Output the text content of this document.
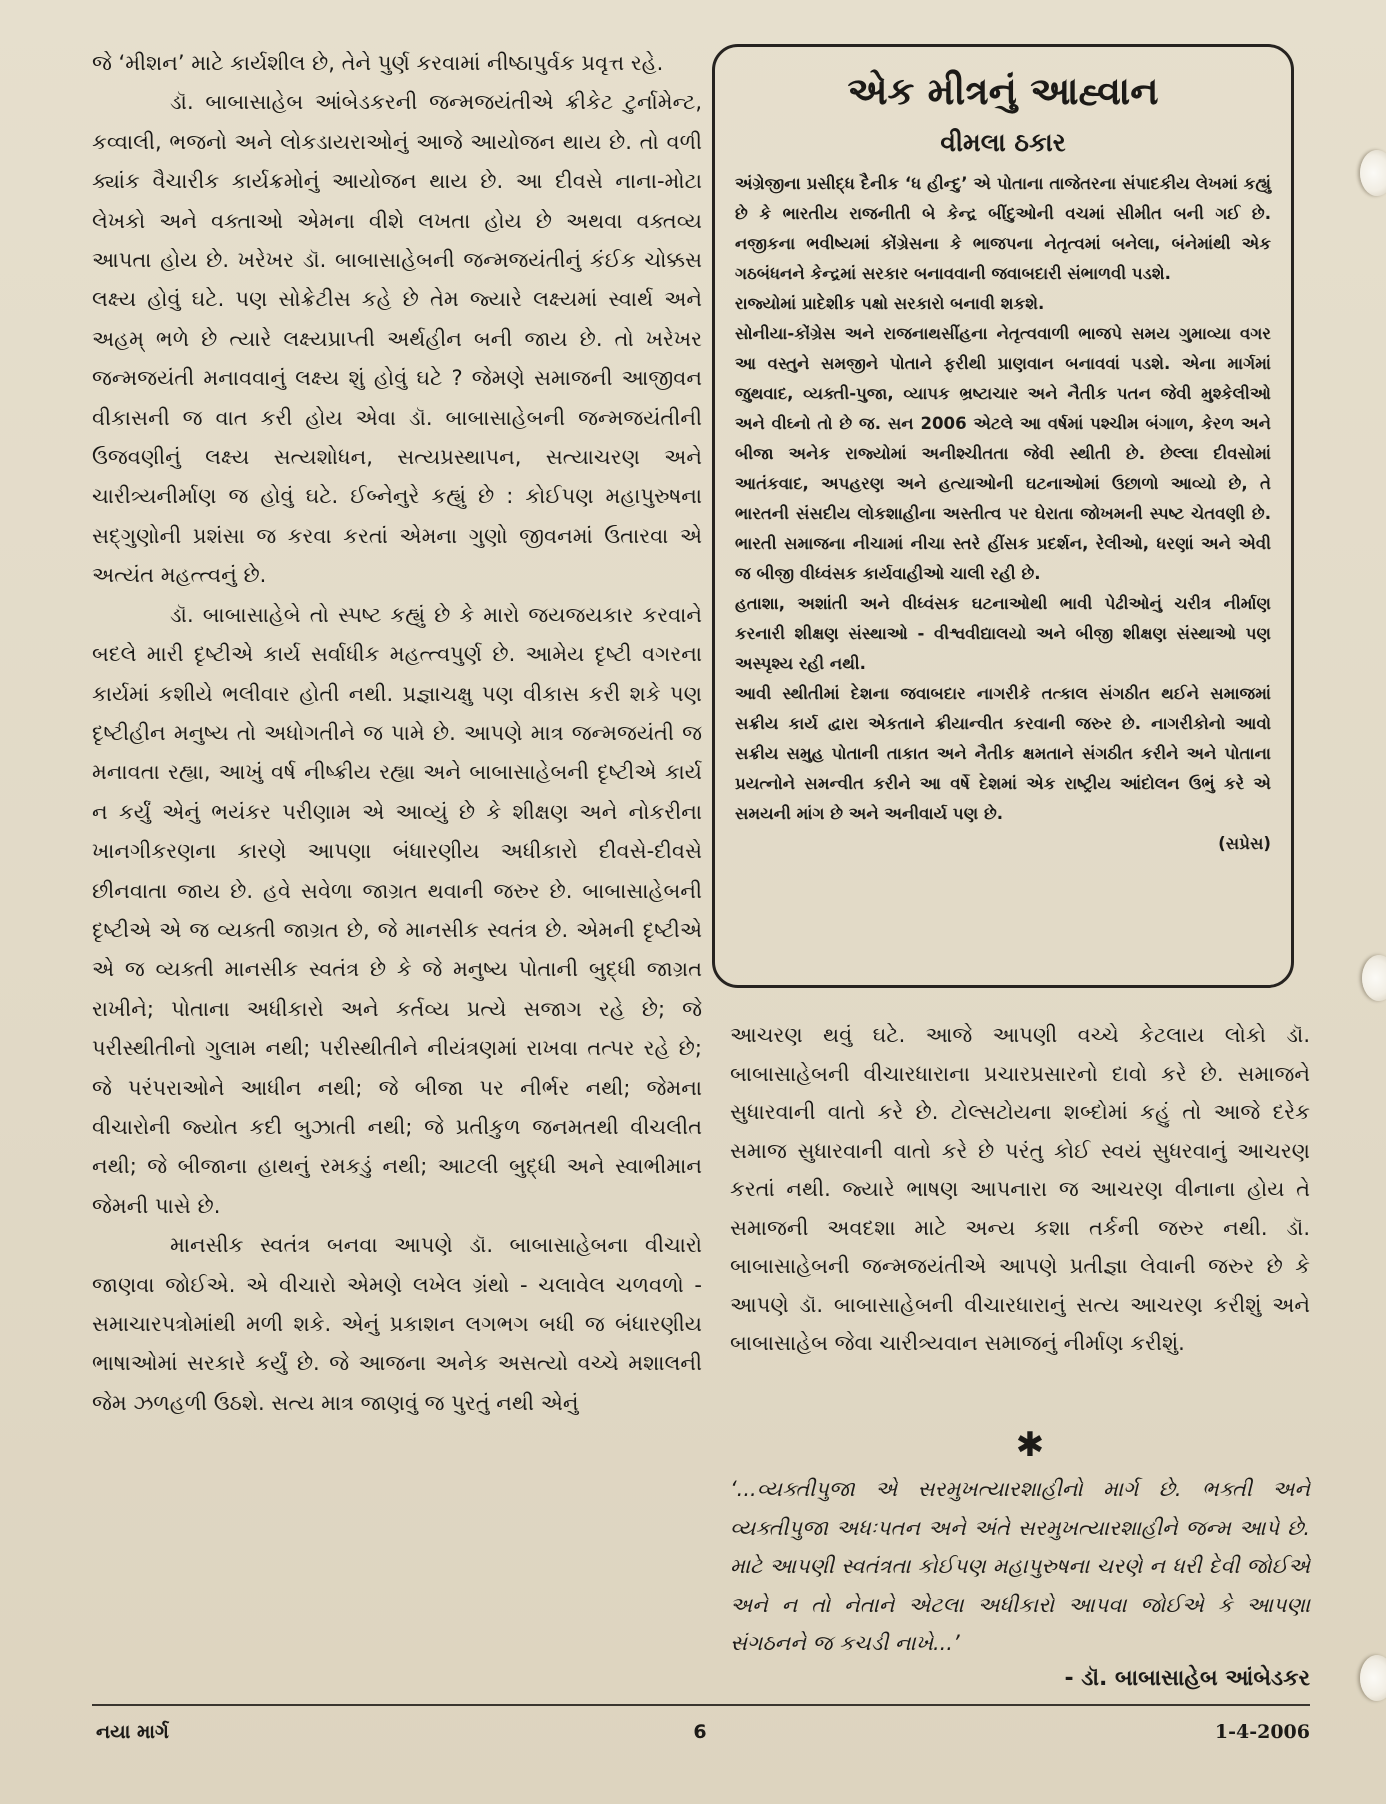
જે ‘મીશન’ માટે કાર્યશીલ છે, તેને પુર્ણ કરવામાં નીષ્ઠાપુર્વક પ્રવૃત્ત રહે.

ડૉ. બાબાસાહેબ આંબેડકરની જન્મજયંતીએ ક્રીકેટ ટુર્નામેન્ટ, કવ્વાલી, ભજનો અને લોકડાયરાઓનું આજે આયોજન થાય છે. તો વળી ક્યાંક વૈચારીક કાર્યક્રમોનું આયોજન થાય છે. આ દીવસે નાના-મોટા લેખકો અને વક્તાઓ એમના વીશે લખતા હોય છે અથવા વક્તવ્ય આપતા હોય છે. ખરેખર ડૉ. બાબાસાહેબની જન્મજયંતીનું કંઈક ચોક્કસ લક્ષ્ય હોવું ઘટે. પણ સોક્રેટીસ કહે છે તેમ જ્યારે લક્ષ્યમાં સ્વાર્થ અને અહમ્ ભળે છે ત્યારે લક્ષ્યપ્રાપ્તી અર્થહીન બની જાય છે. તો ખરેખર જન્મજયંતી મનાવવાનું લક્ષ્ય શું હોવું ઘટે ? જેમણે સમાજની આજીવન વીકાસની જ વાત કરી હોય એવા ડૉ. બાબાસાહેબની જન્મજયંતીની ઉજવણીનું લક્ષ્ય સત્યશોધન, સત્યપ્રસ્થાપન, સત્યાચરણ અને ચારીત્ર્યનીર્માણ જ હોવું ઘટે. ઈબ્નેનુરે કહ્યું છે : કોઈપણ મહાપુરુષના સદ્ગુણોની પ્રશંસા જ કરવા કરતાં એમના ગુણો જીવનમાં ઉતારવા એ અત્યંત મહત્ત્વનું છે.

ડૉ. બાબાસાહેબે તો સ્પષ્ટ કહ્યું છે કે મારો જયજયકાર કરવાને બદલે મારી દૃષ્ટીએ કાર્ય સર્વાધીક મહત્ત્વપુર્ણ છે. આમેય દૃષ્ટી વગરના કાર્યમાં કશીયે ભલીવાર હોતી નથી. પ્રજ્ઞાચક્ષુ પણ વીકાસ કરી શકે પણ દૃષ્ટીહીન મનુષ્ય તો અધોગતીને જ પામે છે. આપણે માત્ર જન્મજયંતી જ મનાવતા રહ્યા, આખું વર્ષ નીષ્ક્રીય રહ્યા અને બાબાસાહેબની દૃષ્ટીએ કાર્ય ન કર્યું એનું ભયંકર પરીણામ એ આવ્યું છે કે શીક્ષણ અને નોકરીના ખાનગીકરણના કારણે આપણા બંધારણીય અધીકારો દીવસે-દીવસે છીનવાતા જાય છે. હવે સવેળા જાગ્રત થવાની જરુર છે. બાબાસાહેબની દૃષ્ટીએ એ જ વ્યક્તી જાગ્રત છે, જે માનસીક સ્વતંત્ર છે. એમની દૃષ્ટીએ એ જ વ્યક્તી માનસીક સ્વતંત્ર છે કે જે મનુષ્ય પોતાની બુદ્ધી જાગ્રત રાખીને; પોતાના અધીકારો અને કર્તવ્ય પ્રત્યે સજાગ રહે છે; જે પરીસ્થીતીનો ગુલામ નથી; પરીસ્થીતીને નીયંત્રણમાં રાખવા તત્પર રહે છે; જે પરંપરાઓને આધીન નથી; જે બીજા પર નીર્ભર નથી; જેમના વીચારોની જ્યોત કદી બુઝાતી નથી; જે પ્રતીકુળ જનમતથી વીચલીત નથી; જે બીજાના હાથનું રમકડું નથી; આટલી બુદ્ધી અને સ્વાભીમાન જેમની પાસે છે.

માનસીક સ્વતંત્ર બનવા આપણે ડૉ. બાબાસાહેબના વીચારો જાણવા જોઈએ. એ વીચારો એમણે લખેલ ગ્રંથો - ચલાવેલ ચળવળો - સમાચારપત્રોમાંથી મળી શકે. એનું પ્રકાશન લગભગ બધી જ બંધારણીય ભાષાઓમાં સરકારે કર્યું છે. જે આજના અનેક અસત્યો વચ્ચે મશાલની જેમ ઝળહળી ઉઠશે. સત્ય માત્ર જાણવું જ પુરતું નથી એનું

એક મીત્રનું આહ્વાન
વીમલા ઠકાર

અંગ્રેજીના પ્રસીદ્ધ દૈનીક ‘ધ હીન્દુ’ એ પોતાના તાજેતરના સંપાદકીય લેખમાં કહ્યું છે કે ભારતીય રાજનીતી બે કેન્દ્ર બીંદુઓની વચમાં સીમીત બની ગઈ છે. નજીકના ભવીષ્યમાં કોંગ્રેસના કે ભાજપના નેતૃત્વમાં બનેલા, બંનેમાંથી એક ગઠબંધનને કેન્દ્રમાં સરકાર બનાવવાની જવાબદારી સંભાળવી પડશે.

રાજ્યોમાં પ્રાદેશીક પક્ષો સરકારો બનાવી શકશે.

સોનીયા-કોંગ્રેસ અને રાજનાથસીંહના નેતૃત્વવાળી ભાજપે સમય ગુમાવ્યા વગર આ વસ્તુને સમજીને પોતાને ફરીથી પ્રાણવાન બનાવવાં પડશે. એના માર્ગમાં જુથવાદ, વ્યક્તી-પુજા, વ્યાપક ભ્રષ્ટાચાર અને નૈતીક પતન જેવી મુશ્કેલીઓ અને વીઘ્નો તો છે જ. સન 2006 એટલે આ વર્ષમાં પશ્ચીમ બંગાળ, કેરળ અને બીજા અનેક રાજ્યોમાં અનીશ્ચીતતા જેવી સ્થીતી છે. છેલ્લા દીવસોમાં આતંકવાદ, અપહરણ અને હત્યાઓની ઘટનાઓમાં ઉછાળો આવ્યો છે, તે ભારતની સંસદીય લોકશાહીના અસ્તીત્વ પર ઘેરાતા જોખમની સ્પષ્ટ ચેતવણી છે. ભારતી સમાજના નીચામાં નીચા સ્તરે હીંસક પ્રદર્શન, રેલીઓ, ધરણાં અને એવી જ બીજી વીધ્વંસક કાર્યવાહીઓ ચાલી રહી છે.

હતાશા, અશાંતી અને વીધ્વંસક ઘટનાઓથી ભાવી પેઢીઓનું ચરીત્ર નીર્માણ કરનારી શીક્ષણ સંસ્થાઓ - વીશ્વવીદ્યાલયો અને બીજી શીક્ષણ સંસ્થાઓ પણ અસ્પૃશ્ય રહી નથી.

આવી સ્થીતીમાં દેશના જવાબદાર નાગરીકે તત્કાલ સંગઠીત થઈને સમાજમાં સક્રીય કાર્ય દ્વારા એકતાને ક્રીયાન્વીત કરવાની જરુર છે. નાગરીકોનો આવો સક્રીય સમુહ પોતાની તાકાત અને નૈતીક ક્ષમતાને સંગઠીત કરીને અને પોતાના પ્રયત્નોને સમન્વીત કરીને આ વર્ષે દેશમાં એક રાષ્ટ્રીય આંદોલન ઉભું કરે એ સમયની માંગ છે અને અનીવાર્ય પણ છે.

(સપ્રેસ)

આચરણ થવું ઘટે. આજે આપણી વચ્ચે કેટલાય લોકો ડૉ. બાબાસાહેબની વીચારધારાના પ્રચારપ્રસારનો દાવો કરે છે. સમાજને સુધારવાની વાતો કરે છે. ટોલ્સટોયના શબ્દોમાં કહું તો આજે દરેક સમાજ સુધારવાની વાતો કરે છે પરંતુ કોઈ સ્વયં સુધરવાનું આચરણ કરતાં નથી. જ્યારે ભાષણ આપનારા જ આચરણ વીનાના હોય તે સમાજની અવદશા માટે અન્ય કશા તર્કની જરુર નથી. ડૉ. બાબાસાહેબની જન્મજયંતીએ આપણે પ્રતીજ્ઞા લેવાની જરુર છે કે આપણે ડૉ. બાબાસાહેબની વીચારધારાનું સત્ય આચરણ કરીશું અને બાબાસાહેબ જેવા ચારીત્ર્યવાન સમાજનું નીર્માણ કરીશું.

✱
‘...વ્યક્તીપુજા એ સરમુખત્યારશાહીનો માર્ગ છે. ભક્તી અને વ્યક્તીપુજા અધઃપતન અને અંતે સરમુખત્યારશાહીને જન્મ આપે છે. માટે આપણી સ્વતંત્રતા કોઈપણ મહાપુરુષના ચરણે ન ધરી દેવી જોઈએ અને ન તો નેતાને એટલા અધીકારો આપવા જોઈએ કે આપણા સંગઠનને જ કચડી નાખે...’
- ડૉ. બાબાસાહેબ આંબેડકર
નયા માર્ગ	6	1-4-2006
